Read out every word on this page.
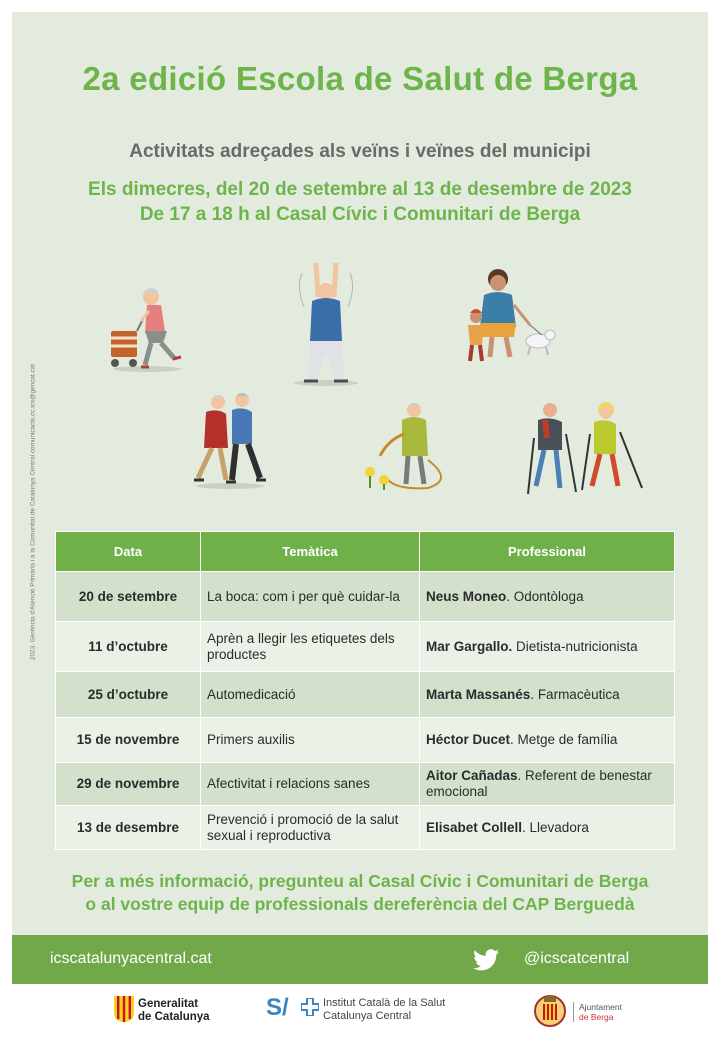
2a edició Escola de Salut de Berga
Activitats adreçades als veïns i veïnes del municipi
Els dimecres, del 20 de setembre al 13 de desembre de 2023
De 17 a 18 h al Casal Cívic i Comunitari de Berga
2023. Gerència d'Atenció Primària i a la Comunitat de Catalunya Central comunicacio.cc.ics@gencat.cat	Data	Temàtica	Professional
20 de setembre	La boca: com i per què cuidar-la	Neus Moneo. Odontòloga
11 d’octubre	Aprèn a llegir les etiquetes dels productes	Mar Gargallo. Dietista-nutricionista
25 d’octubre	Automedicació	Marta Massanés. Farmacèutica
15 de novembre	Primers auxilis	Héctor Ducet. Metge de família
29 de novembre	Afectivitat i relacions sanes	Aitor Cañadas. Referent de benestar emocional
13 de desembre	Prevenció i promoció de la salut sexual i reproductiva	Elisabet Collell. Llevadora
Per a més informació, pregunteu al Casal Cívic i Comunitari de Berga
o al vostre equip de professionals dereferència del CAP Berguedà
icscatalunyacentral.cat	@icscatcentral
Generalitat
de Catalunya S/	Institut Català de la Salut
Catalunya Central
Ajuntament
de Berga
